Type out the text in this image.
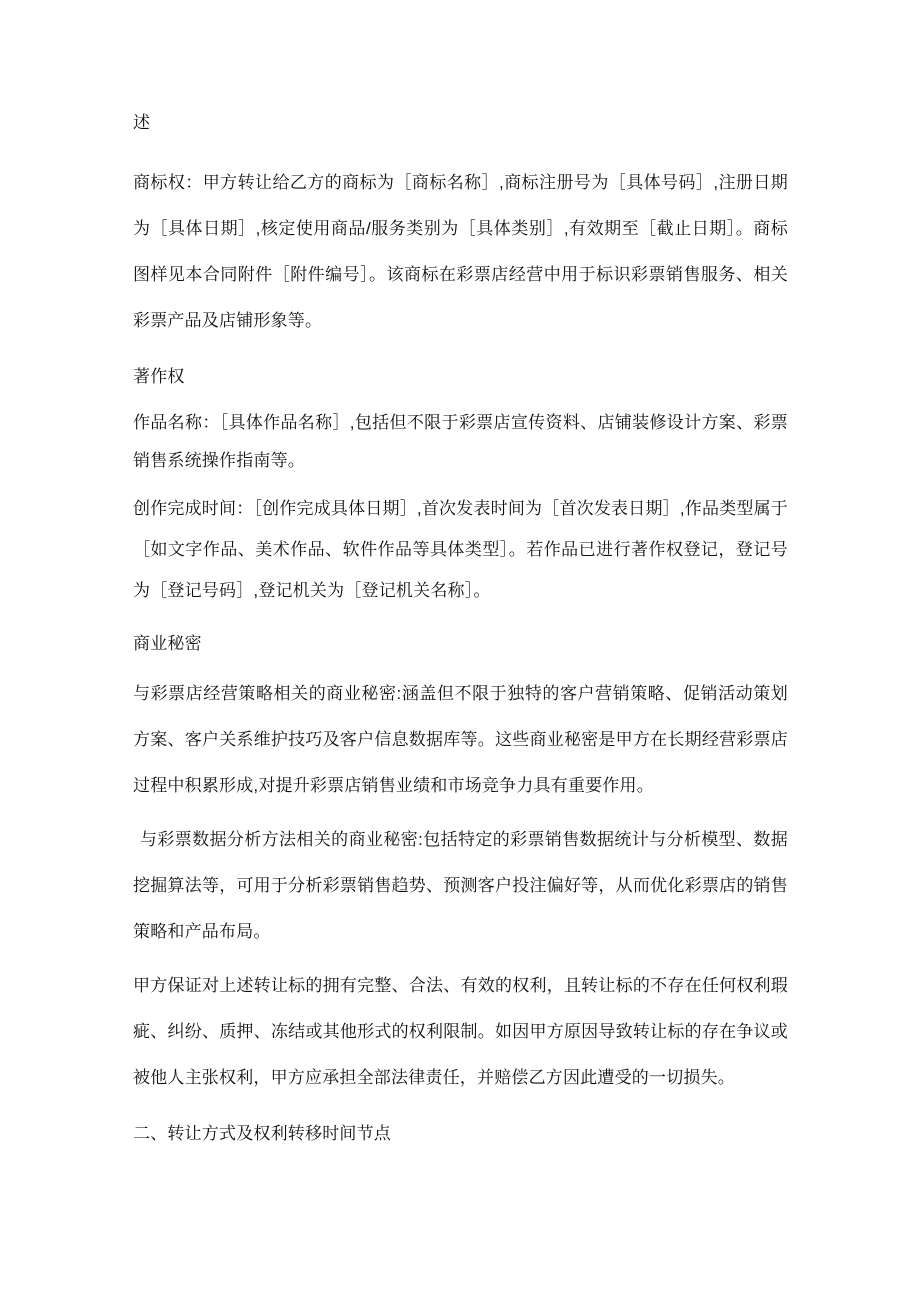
述

商标权：甲方转让给乙方的商标为［商标名称］,商标注册号为［具体号码］,注册日期为［具体日期］,核定使用商品/服务类别为［具体类别］,有效期至［截止日期］。商标图样见本合同附件［附件编号］。该商标在彩票店经营中用于标识彩票销售服务、相关彩票产品及店铺形象等。

著作权

作品名称：［具体作品名称］,包括但不限于彩票店宣传资料、店铺装修设计方案、彩票销售系统操作指南等。

创作完成时间：［创作完成具体日期］,首次发表时间为［首次发表日期］,作品类型属于［如文字作品、美术作品、软件作品等具体类型］。若作品已进行著作权登记，登记号为［登记号码］,登记机关为［登记机关名称］。

商业秘密

与彩票店经营策略相关的商业秘密:涵盖但不限于独特的客户营销策略、促销活动策划方案、客户关系维护技巧及客户信息数据库等。这些商业秘密是甲方在长期经营彩票店过程中积累形成,对提升彩票店销售业绩和市场竞争力具有重要作用。

与彩票数据分析方法相关的商业秘密:包括特定的彩票销售数据统计与分析模型、数据挖掘算法等，可用于分析彩票销售趋势、预测客户投注偏好等，从而优化彩票店的销售策略和产品布局。

甲方保证对上述转让标的拥有完整、合法、有效的权利，且转让标的不存在任何权利瑕疵、纠纷、质押、冻结或其他形式的权利限制。如因甲方原因导致转让标的存在争议或被他人主张权利，甲方应承担全部法律责任，并赔偿乙方因此遭受的一切损失。

二、转让方式及权利转移时间节点
